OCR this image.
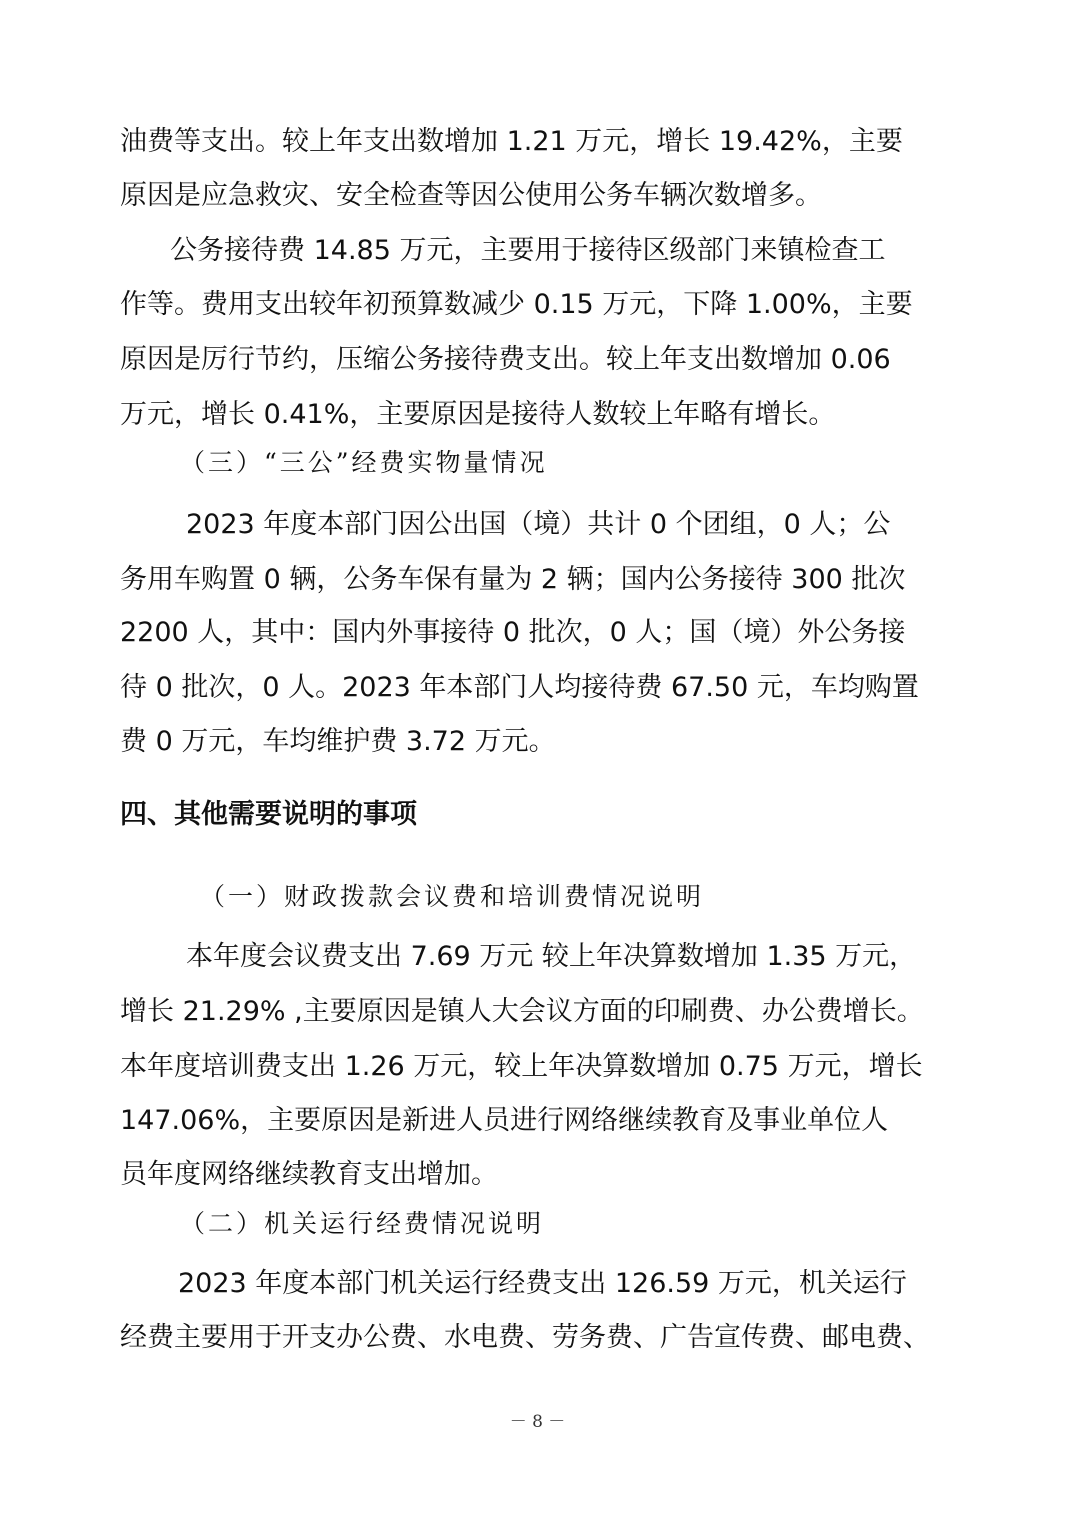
油费等支出。较上年支出数增加 1.21 万元，增长 19.42%，主要
原因是应急救灾、安全检查等因公使用公务车辆次数增多。
公务接待费 14.85 万元，主要用于接待区级部门来镇检查工
作等。费用支出较年初预算数减少 0.15 万元，下降 1.00%，主要
原因是厉行节约，压缩公务接待费支出。较上年支出数增加 0.06
万元，增长 0.41%，主要原因是接待人数较上年略有增长。
（三）“三公”经费实物量情况
2023 年度本部门因公出国（境）共计 0 个团组，0 人；公
务用车购置 0 辆，公务车保有量为 2 辆；国内公务接待 300 批次
2200 人，其中：国内外事接待 0 批次，0 人；国（境）外公务接
待 0 批次，0 人。2023 年本部门人均接待费 67.50 元，车均购置
费 0 万元，车均维护费 3.72 万元。
四、其他需要说明的事项
（一）财政拨款会议费和培训费情况说明
本年度会议费支出 7.69 万元 较上年决算数增加 1.35 万元，
增长 21.29% ,主要原因是镇人大会议方面的印刷费、办公费增长。
本年度培训费支出 1.26 万元，较上年决算数增加 0.75 万元，增长
147.06%，主要原因是新进人员进行网络继续教育及事业单位人
员年度网络继续教育支出增加。
（二）机关运行经费情况说明
2023 年度本部门机关运行经费支出 126.59 万元，机关运行
经费主要用于开支办公费、水电费、劳务费、广告宣传费、邮电费、
－ 8 －
